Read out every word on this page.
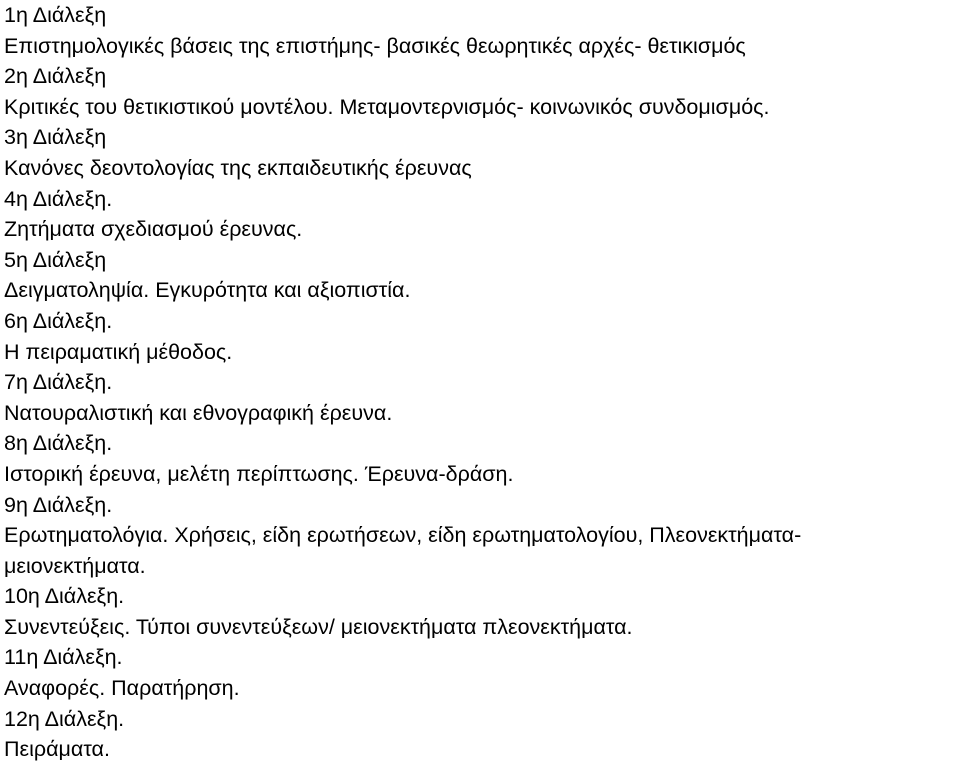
1η Διάλεξη
Επιστημολογικές βάσεις της επιστήμης- βασικές θεωρητικές αρχές- θετικισμός
2η Διάλεξη
Κριτικές του θετικιστικού μοντέλου. Μεταμοντερνισμός- κοινωνικός συνδομισμός.
3η Διάλεξη
Κανόνες δεοντολογίας της εκπαιδευτικής έρευνας
4η Διάλεξη.
Ζητήματα σχεδιασμού έρευνας.
5η Διάλεξη
Δειγματοληψία. Εγκυρότητα και αξιοπιστία.
6η Διάλεξη.
Η πειραματική μέθοδος.
7η Διάλεξη.
Νατουραλιστική και εθνογραφική έρευνα.
8η Διάλεξη.
Ιστορική έρευνα, μελέτη περίπτωσης. Έρευνα-δράση.
9η Διάλεξη.
Ερωτηματολόγια. Χρήσεις, είδη ερωτήσεων, είδη ερωτηματολογίου, Πλεονεκτήματα-
μειονεκτήματα.
10η Διάλεξη.
Συνεντεύξεις. Τύποι συνεντεύξεων/ μειονεκτήματα πλεονεκτήματα.
11η Διάλεξη.
Αναφορές. Παρατήρηση.
12η Διάλεξη.
Πειράματα.
